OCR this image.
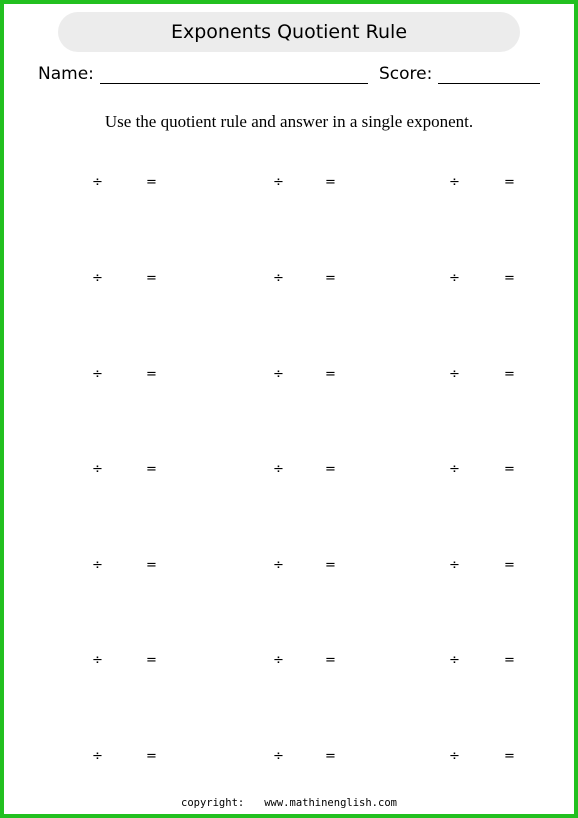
Exponents Quotient Rule
Name:	Score:
Use the quotient rule and answer in a single exponent.
÷	=	÷	=	÷	=
÷	=	÷	=	÷	=
÷	=	÷	=	÷	=
÷	=	÷	=	÷	=
÷	=	÷	=	÷	=
÷	=	÷	=	÷	=
÷	=	÷	=	÷	=
copyright: www.mathinenglish.com
